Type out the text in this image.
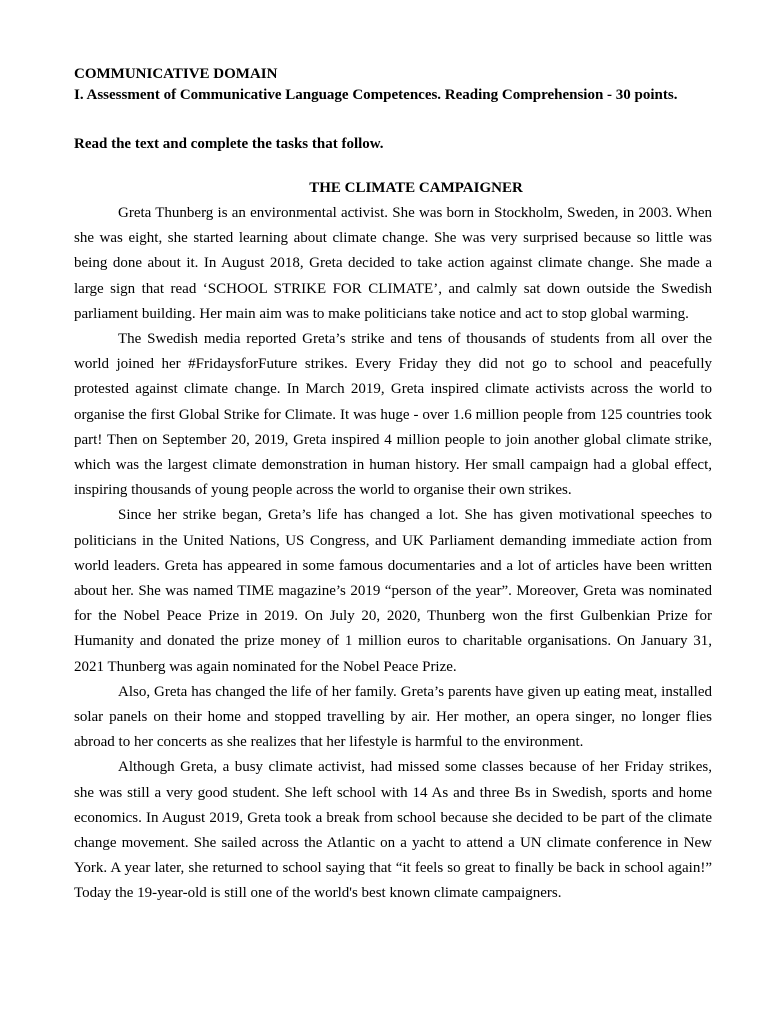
COMMUNICATIVE DOMAIN

I. Assessment of Communicative Language Competences. Reading Comprehension - 30 points.

Read the text and complete the tasks that follow.

THE CLIMATE CAMPAIGNER

Greta Thunberg is an environmental activist. She was born in Stockholm, Sweden, in 2003. When she was eight, she started learning about climate change. She was very surprised because so little was being done about it. In August 2018, Greta decided to take action against climate change. She made a large sign that read ‘SCHOOL STRIKE FOR CLIMATE’, and calmly sat down outside the Swedish parliament building. Her main aim was to make politicians take notice and act to stop global warming.

The Swedish media reported Greta’s strike and tens of thousands of students from all over the world joined her #FridaysforFuture strikes. Every Friday they did not go to school and peacefully protested against climate change. In March 2019, Greta inspired climate activists across the world to organise the first Global Strike for Climate. It was huge - over 1.6 million people from 125 countries took part! Then on September 20, 2019, Greta inspired 4 million people to join another global climate strike, which was the largest climate demonstration in human history. Her small campaign had a global effect, inspiring thousands of young people across the world to organise their own strikes.

Since her strike began, Greta’s life has changed a lot. She has given motivational speeches to politicians in the United Nations, US Congress, and UK Parliament demanding immediate action from world leaders. Greta has appeared in some famous documentaries and a lot of articles have been written about her. She was named TIME magazine’s 2019 “person of the year”. Moreover, Greta was nominated for the Nobel Peace Prize in 2019. On July 20, 2020, Thunberg won the first Gulbenkian Prize for Humanity and donated the prize money of 1 million euros to charitable organisations. On January 31, 2021 Thunberg was again nominated for the Nobel Peace Prize.

Also, Greta has changed the life of her family. Greta’s parents have given up eating meat, installed solar panels on their home and stopped travelling by air. Her mother, an opera singer, no longer flies abroad to her concerts as she realizes that her lifestyle is harmful to the environment.

Although Greta, a busy climate activist, had missed some classes because of her Friday strikes, she was still a very good student. She left school with 14 As and three Bs in Swedish, sports and home economics. In August 2019, Greta took a break from school because she decided to be part of the climate change movement. She sailed across the Atlantic on a yacht to attend a UN climate conference in New York. A year later, she returned to school saying that “it feels so great to finally be back in school again!” Today the 19-year-old is still one of the world's best known climate campaigners.
